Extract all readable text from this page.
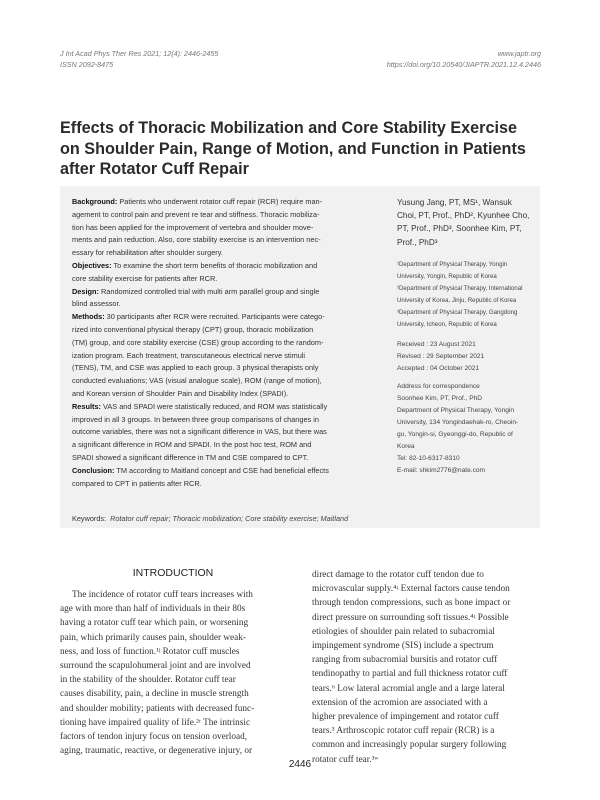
J Int Acad Phys Ther Res 2021; 12(4): 2446-2455
ISSN 2092-8475
www.japtr.org
https://doi.org/10.20540/JIAPTR.2021.12.4.2446
Effects of Thoracic Mobilization and Core Stability Exercise
on Shoulder Pain, Range of Motion, and Function in Patients
after Rotator Cuff Repair
Background: Patients who underwent rotator cuff repair (RCR) require man-
agement to control pain and prevent re tear and stiffness. Thoracic mobiliza-
tion has been applied for the improvement of vertebra and shoulder move-
ments and pain reduction. Also, core stability exercise is an intervention nec-
essary for rehabilitation after shoulder surgery.
Objectives: To examine the short term benefits of thoracic mobilization and
core stability exercise for patients after RCR.
Design: Randomized controlled trial with multi arm parallel group and single
blind assessor.
Methods: 30 participants after RCR were recruited. Participants were catego-
rized into conventional physical therapy (CPT) group, thoracic mobilization
(TM) group, and core stability exercise (CSE) group according to the random-
ization program. Each treatment, transcutaneous electrical nerve stimuli
(TENS), TM, and CSE was applied to each group. 3 physical therapists only
conducted evaluations; VAS (visual analogue scale), ROM (range of motion),
and Korean version of Shoulder Pain and Disability Index (SPADI).
Results: VAS and SPADI were statistically reduced, and ROM was statistically
improved in all 3 groups. In between three group comparisons of changes in
outcome variables, there was not a significant difference in VAS, but there was
a significant difference in ROM and SPADI. In the post hoc test, ROM and
SPADI showed a significant difference in TM and CSE compared to CPT.
Conclusion: TM according to Maitland concept and CSE had beneficial effects
compared to CPT in patients after RCR.
Yusung Jang, PT, MS¹, Wansuk
Choi, PT, Prof., PhD², Kyunhee Cho,
PT, Prof., PhD³, Soonhee Kim, PT,
Prof., PhD³
¹Department of Physical Therapy, Yongin
University, Yongin, Republic of Korea
²Department of Physical Therapy, International
University of Korea, Jinju, Republic of Korea
³Department of Physical Therapy, Gangdong
University, Icheon, Republic of Korea
Received : 23 August 2021
Revised : 29 September 2021
Accepted : 04 October 2021
Address for correspondence
Soonhee Kim, PT, Prof., PhD
Department of Physical Therapy, Yongin
University, 134 Yongindaehak-ro, Cheoin-
gu, Yongin-si, Gyeonggi-do, Republic of
Korea
Tel: 82-10-6317-8310
E-mail: shkim2776@nate.com
Keywords: Rotator cuff repair; Thoracic mobilization; Core stability exercise; Maitland
INTRODUCTION
The incidence of rotator cuff tears increases with
age with more than half of individuals in their 80s
having a rotator cuff tear which pain, or worsening
pain, which primarily causes pain, shoulder weak-
ness, and loss of function.¹ʲ Rotator cuff muscles
surround the scapulohumeral joint and are involved
in the stability of the shoulder. Rotator cuff tear
causes disability, pain, a decline in muscle strength
and shoulder mobility; patients with decreased func-
tioning have impaired quality of life.²ʳ The intrinsic
factors of tendon injury focus on tension overload,
aging, traumatic, reactive, or degenerative injury, or
direct damage to the rotator cuff tendon due to
microvascular supply.⁴ʵ External factors cause tendon
through tendon compressions, such as bone impact or
direct pressure on surrounding soft tissues.⁴ʵ Possible
etiologies of shoulder pain related to subacromial
impingement syndrome (SIS) include a spectrum
ranging from subacromial bursitis and rotator cuff
tendinopathy to partial and full thickness rotator cuff
tears.⁶ Low lateral acromial angle and a large lateral
extension of the acromion are associated with a
higher prevalence of impingement and rotator cuff
tears.³ Arthroscopic rotator cuff repair (RCR) is a
common and increasingly popular surgery following
rotator cuff tear.³ʷ
2446
